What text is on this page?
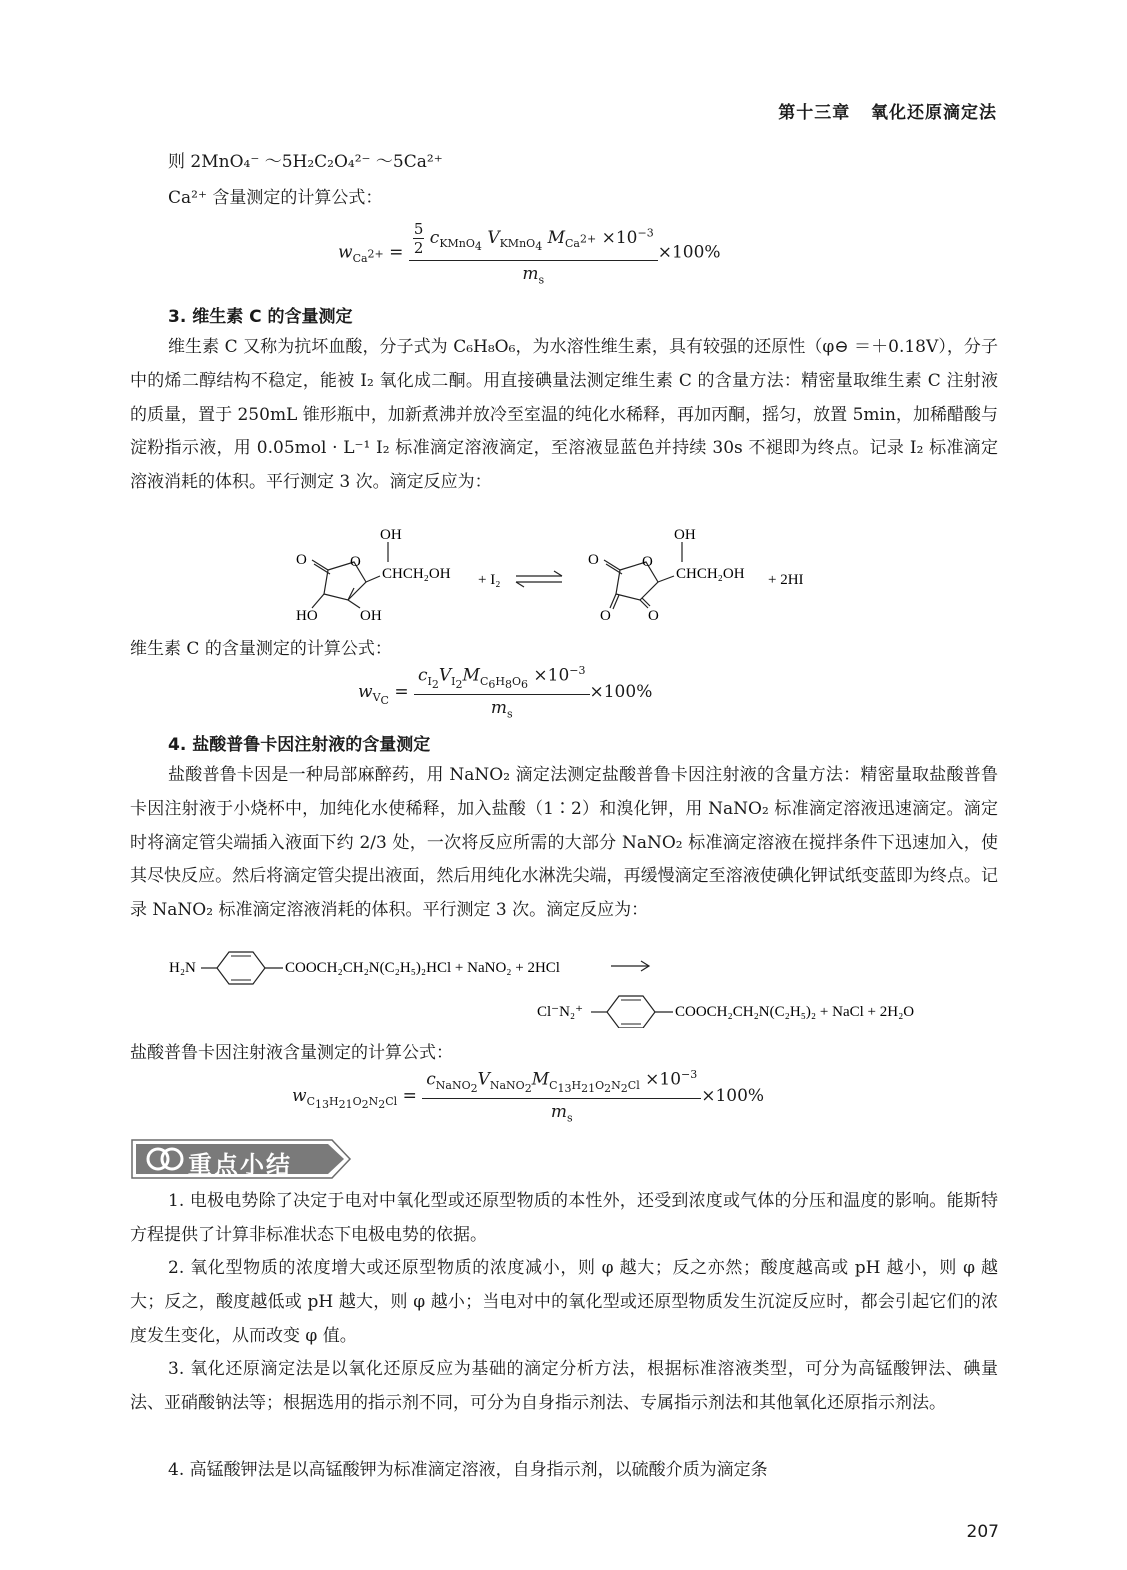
第十三章 氧化还原滴定法
则 2MnO₄⁻ ～5H₂C₂O₄²⁻ ～5Ca²⁺
Ca²⁺ 含量测定的计算公式：
$w_{Ca^{2+}} = \frac{\frac{5}{2} c_{KMnO_4} V_{KMnO_4} M_{Ca^{2+}} \times 10^{-3}}{m_s} \times 100\%$
3. 维生素 C 的含量测定
维生素 C 又称为抗坏血酸，分子式为 C₆H₈O₆，为水溶性维生素，具有较强的还原性（φ⊖ ＝＋0.18V），分子中的烯二醇结构不稳定，能被 I₂ 氧化成二酮。用直接碘量法测定维生素 C 的含量方法：精密量取维生素 C 注射液的质量，置于 250mL 锥形瓶中，加新煮沸并放冷至室温的纯化水稀释，再加丙酮，摇匀，放置 5min，加稀醋酸与淀粉指示液，用 0.05mol · L⁻¹ I₂ 标准滴定溶液滴定，至溶液显蓝色并持续 30s 不褪即为终点。记录 I₂ 标准滴定溶液消耗的体积。平行测定 3 次。滴定反应为：
O	O
OH
CHCH₂OH
HO	OH
+ I₂
O	O
OH
CHCH₂OH
O O
+ 2HI
维生素 C 的含量测定的计算公式：
$w_{V_C} = \frac{c_{I_2}V_{I_2}M_{C_6H_8O_6} \times 10^{-3}}{m_s} \times 100\%$
4. 盐酸普鲁卡因注射液的含量测定
盐酸普鲁卡因是一种局部麻醉药，用 NaNO₂ 滴定法测定盐酸普鲁卡因注射液的含量方法：精密量取盐酸普鲁卡因注射液于小烧杯中，加纯化水使稀释，加入盐酸（1∶2）和溴化钾，用 NaNO₂ 标准滴定溶液迅速滴定。滴定时将滴定管尖端插入液面下约 2/3 处，一次将反应所需的大部分 NaNO₂ 标准滴定溶液在搅拌条件下迅速加入，使其尽快反应。然后将滴定管尖提出液面，然后用纯化水淋洗尖端，再缓慢滴定至溶液使碘化钾试纸变蓝即为终点。记录 NaNO₂ 标准滴定溶液消耗的体积。平行测定 3 次。滴定反应为：
H₂N	COOCH₂CH₂N(C₂H₅)₂HCl + NaNO₂ + 2HCl
Cl⁻N₂⁺	COOCH₂CH₂N(C₂H₅)₂ + NaCl + 2H₂O
盐酸普鲁卡因注射液含量测定的计算公式：
$w_{C_{13}H_{21}O_2N_2Cl} = \frac{c_{NaNO_2}V_{NaNO_2}M_{C_{13}H_{21}O_2N_2Cl} \times 10^{-3}}{m_s} \times 100\%$
重点小结
1. 电极电势除了决定于电对中氧化型或还原型物质的本性外，还受到浓度或气体的分压和温度的影响。能斯特方程提供了计算非标准状态下电极电势的依据。
2. 氧化型物质的浓度增大或还原型物质的浓度减小，则 φ 越大；反之亦然；酸度越高或 pH 越小，则 φ 越大；反之，酸度越低或 pH 越大，则 φ 越小；当电对中的氧化型或还原型物质发生沉淀反应时，都会引起它们的浓度发生变化，从而改变 φ 值。
3. 氧化还原滴定法是以氧化还原反应为基础的滴定分析方法，根据标准溶液类型，可分为高锰酸钾法、碘量法、亚硝酸钠法等；根据选用的指示剂不同，可分为自身指示剂法、专属指示剂法和其他氧化还原指示剂法。
4. 高锰酸钾法是以高锰酸钾为标准滴定溶液，自身指示剂，以硫酸介质为滴定条
207
